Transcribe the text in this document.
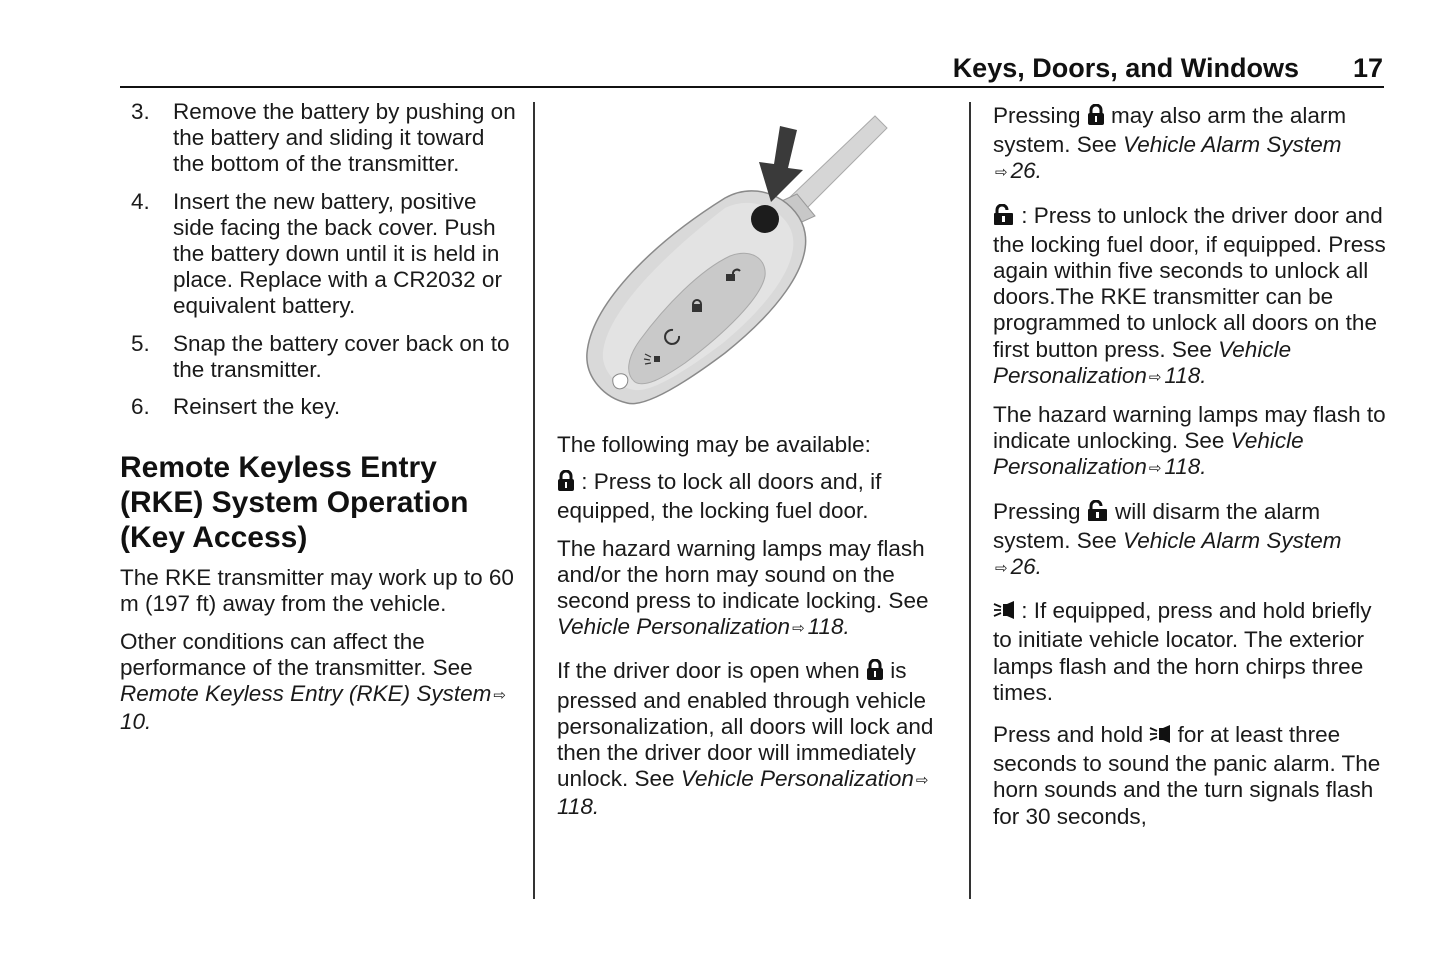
Keys, Doors, and Windows 17
3. Remove the battery by pushing on the battery and sliding it toward the bottom of the transmitter.
4. Insert the new battery, positive side facing the back cover. Push the battery down until it is held in place. Replace with a CR2032 or equivalent battery.
5. Snap the battery cover back on to the transmitter.
6. Reinsert the key.
Remote Keyless Entry (RKE) System Operation (Key Access)

The RKE transmitter may work up to 60 m (197 ft) away from the vehicle.

Other conditions can affect the performance of the transmitter. See Remote Keyless Entry (RKE) System ⇨10.

The following may be available:

: Press to lock all doors and, if equipped, the locking fuel door.

The hazard warning lamps may flash and/or the horn may sound on the second press to indicate locking. See Vehicle Personalization ⇨ 118.

If the driver door is open when  is pressed and enabled through vehicle personalization, all doors will lock and then the driver door will immediately unlock. See Vehicle Personalization ⇨118.

Pressing  may also arm the alarm system. See Vehicle Alarm System
⇨ 26.

: Press to unlock the driver door and the locking fuel door, if equipped. Press again within five seconds to unlock all doors.The RKE transmitter can be programmed to unlock all doors on the first button press. See Vehicle Personalization ⇨ 118.

The hazard warning lamps may flash to indicate unlocking. See Vehicle Personalization ⇨ 118.

Pressing  will disarm the alarm system. See Vehicle Alarm System
⇨ 26.

: If equipped, press and hold briefly to initiate vehicle locator. The exterior lamps flash and the horn chirps three times.

Press and hold  for at least three seconds to sound the panic alarm. The horn sounds and the turn signals flash for 30 seconds,
